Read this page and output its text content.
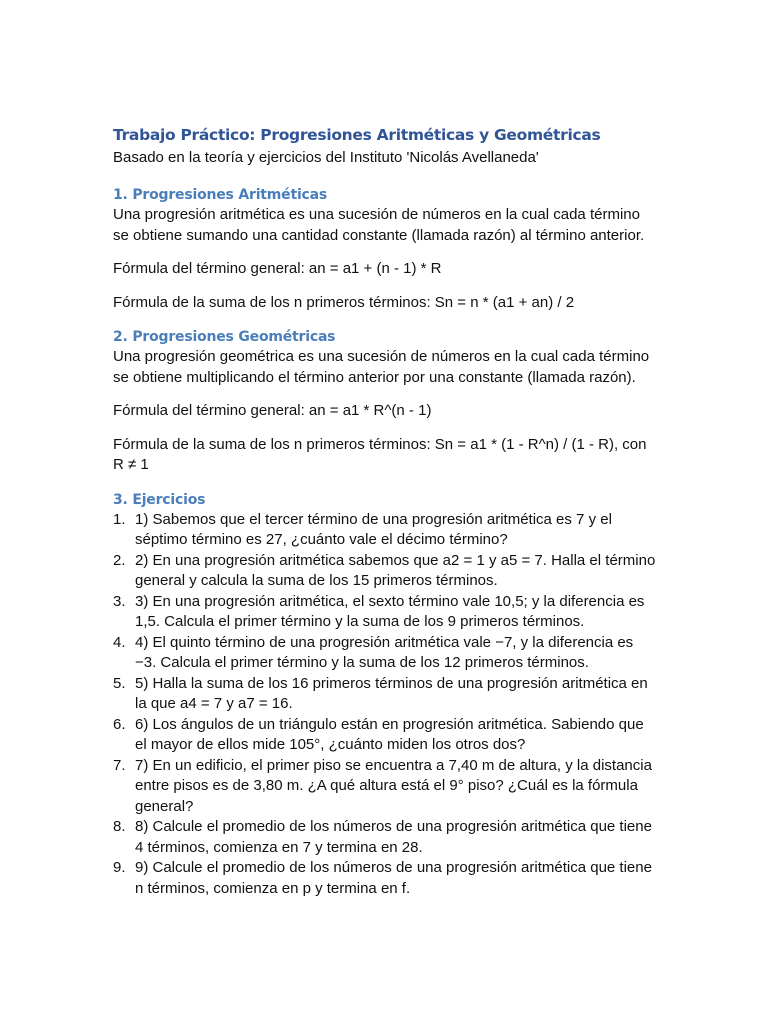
Trabajo Práctico: Progresiones Aritméticas y Geométricas

Basado en la teoría y ejercicios del Instituto 'Nicolás Avellaneda'

1. Progresiones Aritméticas

Una progresión aritmética es una sucesión de números en la cual cada término se obtiene sumando una cantidad constante (llamada razón) al término anterior.

Fórmula del término general: an = a1 + (n - 1) * R

Fórmula de la suma de los n primeros términos: Sn = n * (a1 + an) / 2

2. Progresiones Geométricas

Una progresión geométrica es una sucesión de números en la cual cada término se obtiene multiplicando el término anterior por una constante (llamada razón).

Fórmula del término general: an = a1 * R^(n - 1)

Fórmula de la suma de los n primeros términos: Sn = a1 * (1 - R^n) / (1 - R), con R ≠ 1

3. Ejercicios
1. 1) Sabemos que el tercer término de una progresión aritmética es 7 y el séptimo término es 27, ¿cuánto vale el décimo término?
2. 2) En una progresión aritmética sabemos que a2 = 1 y a5 = 7. Halla el término general y calcula la suma de los 15 primeros términos.
3. 3) En una progresión aritmética, el sexto término vale 10,5; y la diferencia es 1,5. Calcula el primer término y la suma de los 9 primeros términos.
4. 4) El quinto término de una progresión aritmética vale −7, y la diferencia es −3. Calcula el primer término y la suma de los 12 primeros términos.
5. 5) Halla la suma de los 16 primeros términos de una progresión aritmética en la que a4 = 7 y a7 = 16.
6. 6) Los ángulos de un triángulo están en progresión aritmética. Sabiendo que el mayor de ellos mide 105°, ¿cuánto miden los otros dos?
7. 7) En un edificio, el primer piso se encuentra a 7,40 m de altura, y la distancia entre pisos es de 3,80 m. ¿A qué altura está el 9° piso? ¿Cuál es la fórmula general?
8. 8) Calcule el promedio de los números de una progresión aritmética que tiene 4 términos, comienza en 7 y termina en 28.
9. 9) Calcule el promedio de los números de una progresión aritmética que tiene n términos, comienza en p y termina en f.
